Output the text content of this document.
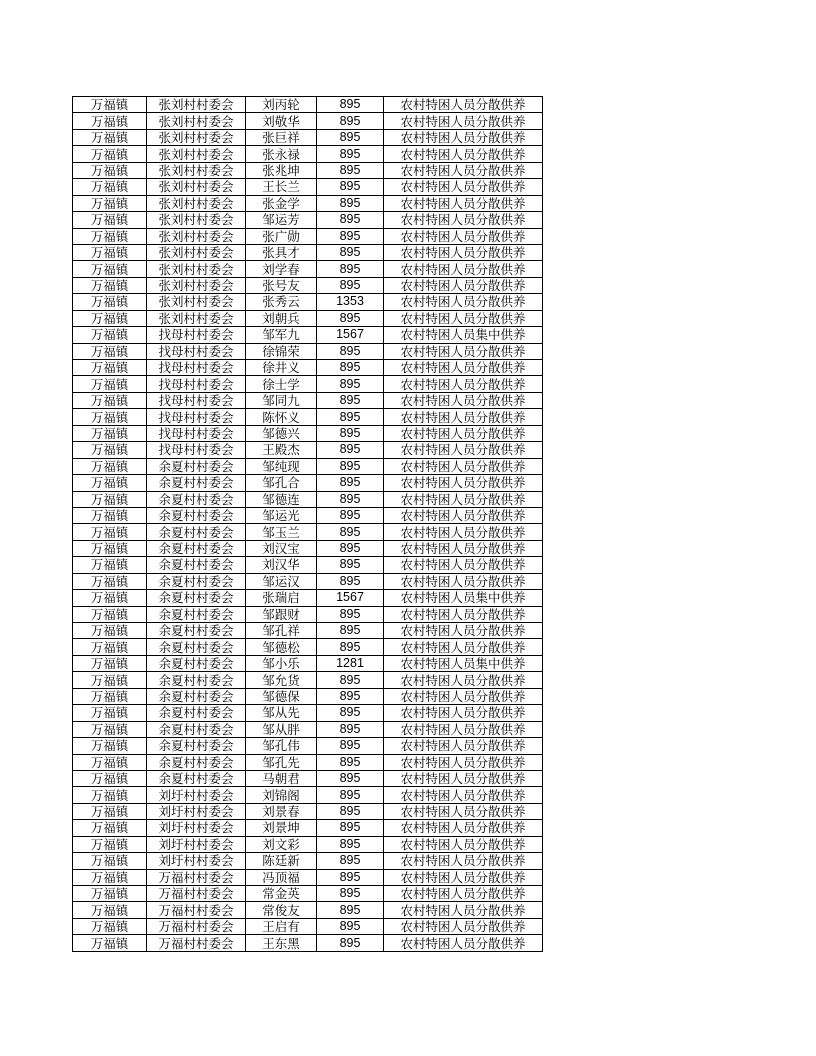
万福镇	张刘村村委会	刘丙轮	895	农村特困人员分散供养
万福镇	张刘村村委会	刘敬华	895	农村特困人员分散供养
万福镇	张刘村村委会	张巨祥	895	农村特困人员分散供养
万福镇	张刘村村委会	张永禄	895	农村特困人员分散供养
万福镇	张刘村村委会	张兆坤	895	农村特困人员分散供养
万福镇	张刘村村委会	王长兰	895	农村特困人员分散供养
万福镇	张刘村村委会	张金学	895	农村特困人员分散供养
万福镇	张刘村村委会	邹运芳	895	农村特困人员分散供养
万福镇	张刘村村委会	张广勋	895	农村特困人员分散供养
万福镇	张刘村村委会	张具才	895	农村特困人员分散供养
万福镇	张刘村村委会	刘学春	895	农村特困人员分散供养
万福镇	张刘村村委会	张号友	895	农村特困人员分散供养
万福镇	张刘村村委会	张秀云	1353	农村特困人员分散供养
万福镇	张刘村村委会	刘朝兵	895	农村特困人员分散供养
万福镇	找母村村委会	邹军九	1567	农村特困人员集中供养
万福镇	找母村村委会	徐锦荣	895	农村特困人员分散供养
万福镇	找母村村委会	徐井义	895	农村特困人员分散供养
万福镇	找母村村委会	徐士学	895	农村特困人员分散供养
万福镇	找母村村委会	邹同九	895	农村特困人员分散供养
万福镇	找母村村委会	陈怀义	895	农村特困人员分散供养
万福镇	找母村村委会	邹德兴	895	农村特困人员分散供养
万福镇	找母村村委会	王殿杰	895	农村特困人员分散供养
万福镇	余夏村村委会	邹纯现	895	农村特困人员分散供养
万福镇	余夏村村委会	邹孔合	895	农村特困人员分散供养
万福镇	余夏村村委会	邹德连	895	农村特困人员分散供养
万福镇	余夏村村委会	邹运光	895	农村特困人员分散供养
万福镇	余夏村村委会	邹玉兰	895	农村特困人员分散供养
万福镇	余夏村村委会	刘汉宝	895	农村特困人员分散供养
万福镇	余夏村村委会	刘汉华	895	农村特困人员分散供养
万福镇	余夏村村委会	邹运汉	895	农村特困人员分散供养
万福镇	余夏村村委会	张瑞启	1567	农村特困人员集中供养
万福镇	余夏村村委会	邹跟财	895	农村特困人员分散供养
万福镇	余夏村村委会	邹孔祥	895	农村特困人员分散供养
万福镇	余夏村村委会	邹德松	895	农村特困人员分散供养
万福镇	余夏村村委会	邹小乐	1281	农村特困人员集中供养
万福镇	余夏村村委会	邹允货	895	农村特困人员分散供养
万福镇	余夏村村委会	邹德保	895	农村特困人员分散供养
万福镇	余夏村村委会	邹从先	895	农村特困人员分散供养
万福镇	余夏村村委会	邹从胖	895	农村特困人员分散供养
万福镇	余夏村村委会	邹孔伟	895	农村特困人员分散供养
万福镇	余夏村村委会	邹孔先	895	农村特困人员分散供养
万福镇	余夏村村委会	马朝君	895	农村特困人员分散供养
万福镇	刘圩村村委会	刘锦阁	895	农村特困人员分散供养
万福镇	刘圩村村委会	刘景春	895	农村特困人员分散供养
万福镇	刘圩村村委会	刘景坤	895	农村特困人员分散供养
万福镇	刘圩村村委会	刘文彩	895	农村特困人员分散供养
万福镇	刘圩村村委会	陈廷新	895	农村特困人员分散供养
万福镇	万福村村委会	冯顶福	895	农村特困人员分散供养
万福镇	万福村村委会	常金英	895	农村特困人员分散供养
万福镇	万福村村委会	常俊友	895	农村特困人员分散供养
万福镇	万福村村委会	王启有	895	农村特困人员分散供养
万福镇	万福村村委会	王东黑	895	农村特困人员分散供养
